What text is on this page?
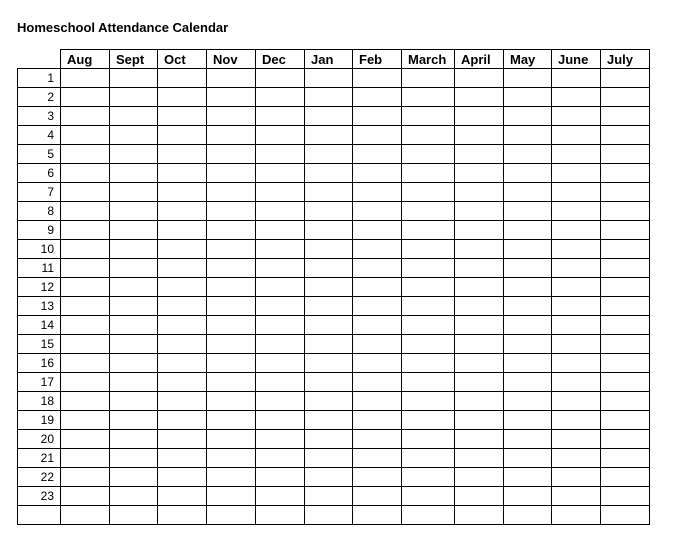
Homeschool Attendance Calendar
	Aug	Sept	Oct	Nov	Dec	Jan	Feb	March	April	May	June	July
1												
2												
3												
4												
5												
6												
7												
8												
9												
10												
11												
12												
13												
14												
15												
16												
17												
18												
19												
20												
21												
22												
23												
